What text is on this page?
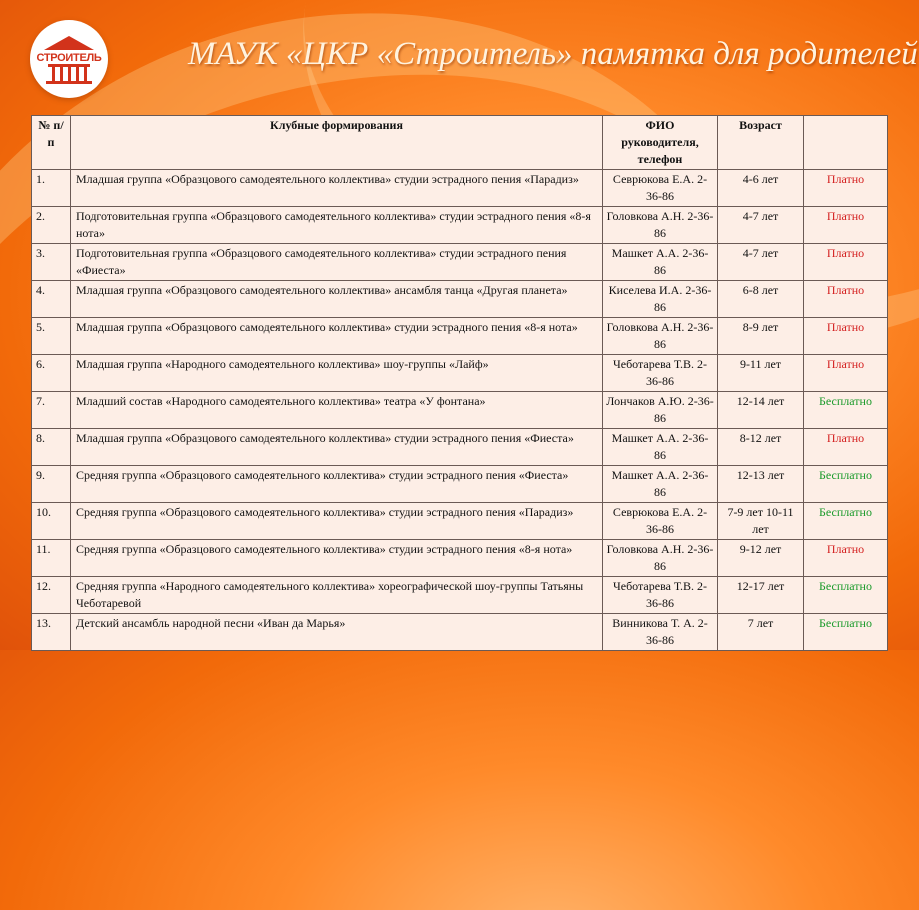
СТРОИТЕЛЬ	МАУК «ЦКР «Строитель» памятка для родителей
№ п/п	Клубные формирования	ФИО руководителя, телефон	Возраст	
1.	Младшая группа «Образцового самодеятельного коллектива» студии эстрадного пения «Парадиз»	Севрюкова Е.А. 2-36-86	4-6 лет	Платно
2.	Подготовительная группа «Образцового самодеятельного коллектива» студии эстрадного пения «8-я нота»	Головкова А.Н. 2-36-86	4-7 лет	Платно
3.	Подготовительная группа «Образцового самодеятельного коллектива» студии эстрадного пения «Фиеста»	Машкет А.А. 2-36-86	4-7 лет	Платно
4.	Младшая группа «Образцового самодеятельного коллектива» ансамбля танца «Другая планета»	Киселева И.А. 2-36-86	6-8 лет	Платно
5.	Младшая группа «Образцового самодеятельного коллектива» студии эстрадного пения «8-я нота»	Головкова А.Н. 2-36-86	8-9 лет	Платно
6.	Младшая группа «Народного самодеятельного коллектива» шоу-группы «Лайф»	Чеботарева Т.В. 2-36-86	9-11 лет	Платно
7.	Младший состав «Народного самодеятельного коллектива» театра «У фонтана»	Лончаков А.Ю. 2-36-86	12-14 лет	Бесплатно
8.	Младшая группа «Образцового самодеятельного коллектива» студии эстрадного пения «Фиеста»	Машкет А.А. 2-36-86	8-12 лет	Платно
9.	Средняя группа «Образцового самодеятельного коллектива» студии эстрадного пения «Фиеста»	Машкет А.А. 2-36-86	12-13 лет	Бесплатно
10.	Средняя группа «Образцового самодеятельного коллектива» студии эстрадного пения «Парадиз»	Севрюкова Е.А. 2-36-86	7-9 лет 10-11 лет	Бесплатно
11.	Средняя группа «Образцового самодеятельного коллектива» студии эстрадного пения «8-я нота»	Головкова А.Н. 2-36-86	9-12 лет	Платно
12.	Средняя группа «Народного самодеятельного коллектива» хореографической шоу-группы Татьяны Чеботаревой	Чеботарева Т.В. 2-36-86	12-17 лет	Бесплатно
13.	Детский ансамбль народной песни «Иван да Марья»	Винникова Т. А. 2-36-86	7 лет	Бесплатно
